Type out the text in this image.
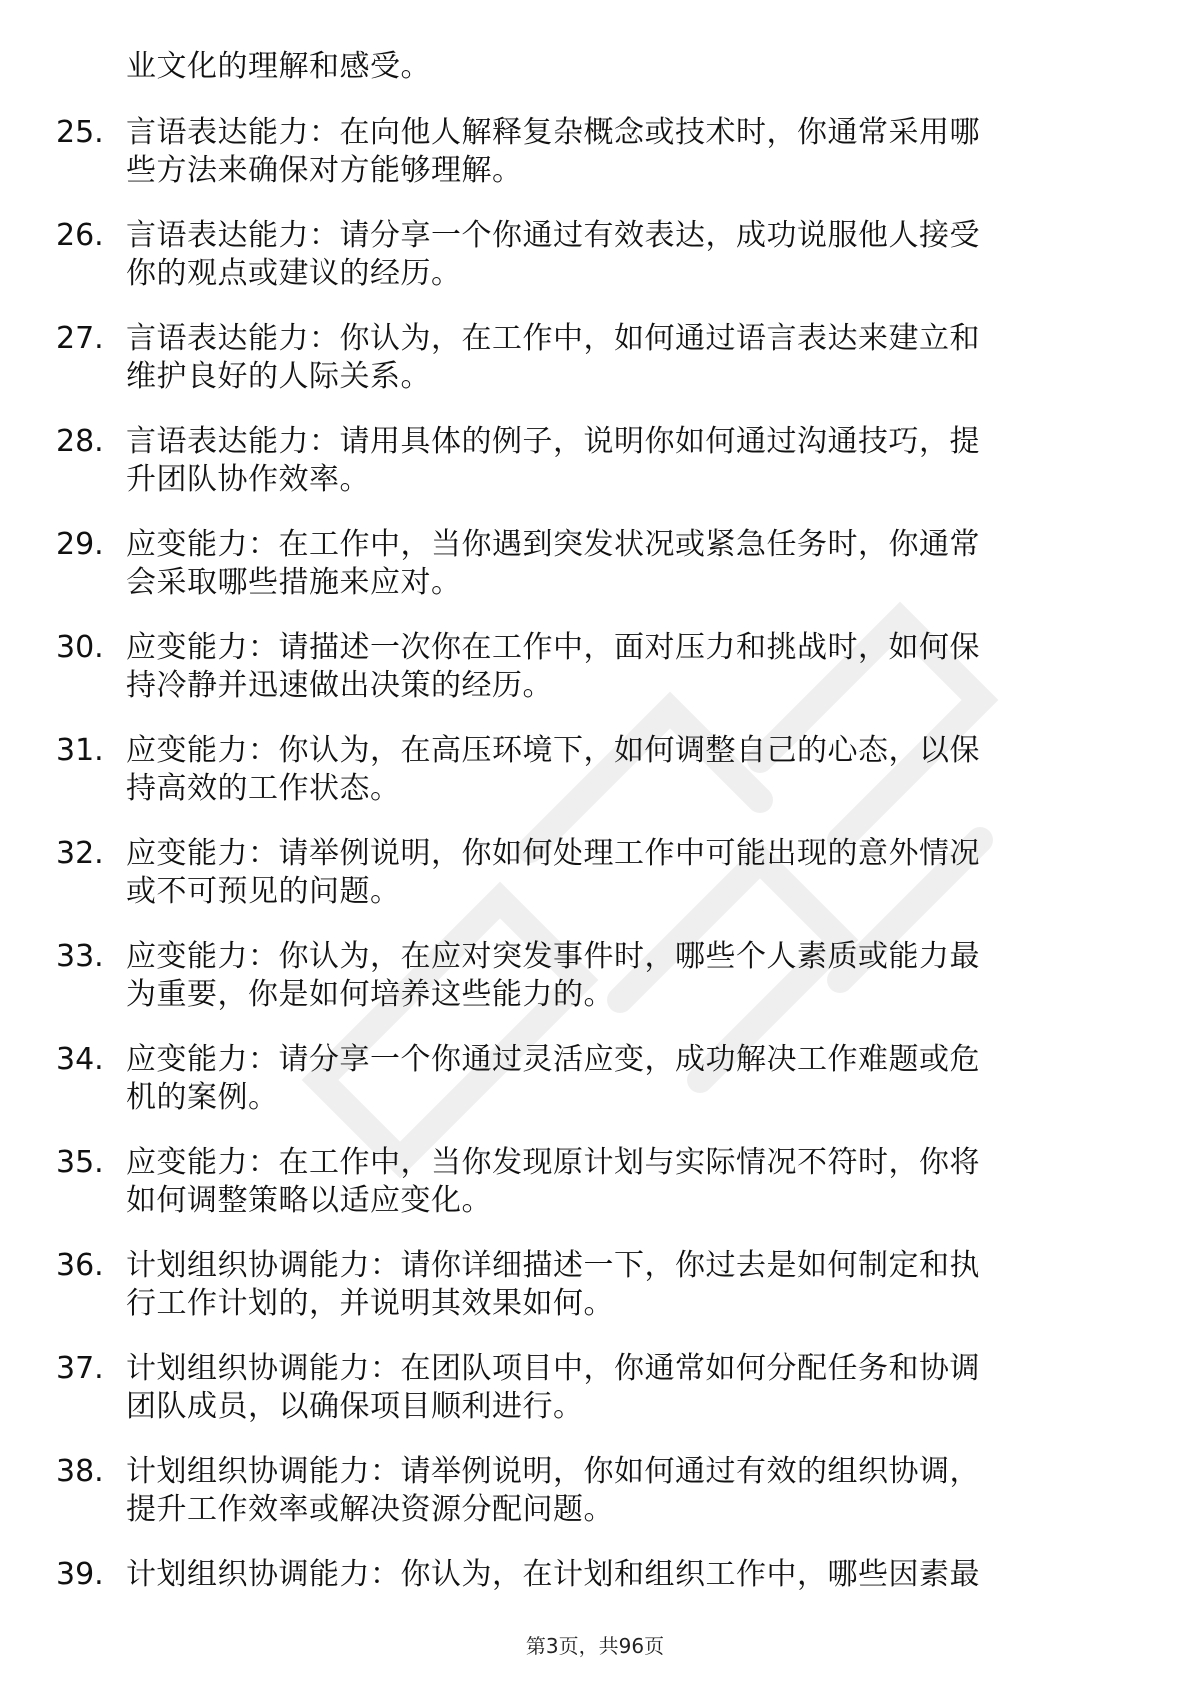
业文化的理解和感受。
25. 言语表达能力：在向他人解释复杂概念或技术时，你通常采用哪
些方法来确保对方能够理解。
26. 言语表达能力：请分享一个你通过有效表达，成功说服他人接受
你的观点或建议的经历。
27. 言语表达能力：你认为，在工作中，如何通过语言表达来建立和
维护良好的人际关系。
28. 言语表达能力：请用具体的例子，说明你如何通过沟通技巧，提
升团队协作效率。
29. 应变能力：在工作中，当你遇到突发状况或紧急任务时，你通常
会采取哪些措施来应对。
30. 应变能力：请描述一次你在工作中，面对压力和挑战时，如何保
持冷静并迅速做出决策的经历。
31. 应变能力：你认为，在高压环境下，如何调整自己的心态，以保
持高效的工作状态。
32. 应变能力：请举例说明，你如何处理工作中可能出现的意外情况
或不可预见的问题。
33. 应变能力：你认为，在应对突发事件时，哪些个人素质或能力最
为重要，你是如何培养这些能力的。
34. 应变能力：请分享一个你通过灵活应变，成功解决工作难题或危
机的案例。
35. 应变能力：在工作中，当你发现原计划与实际情况不符时，你将
如何调整策略以适应变化。
36. 计划组织协调能力：请你详细描述一下，你过去是如何制定和执
行工作计划的，并说明其效果如何。
37. 计划组织协调能力：在团队项目中，你通常如何分配任务和协调
团队成员，以确保项目顺利进行。
38. 计划组织协调能力：请举例说明，你如何通过有效的组织协调，
提升工作效率或解决资源分配问题。
39. 计划组织协调能力：你认为，在计划和组织工作中，哪些因素最
第3页，共96页
